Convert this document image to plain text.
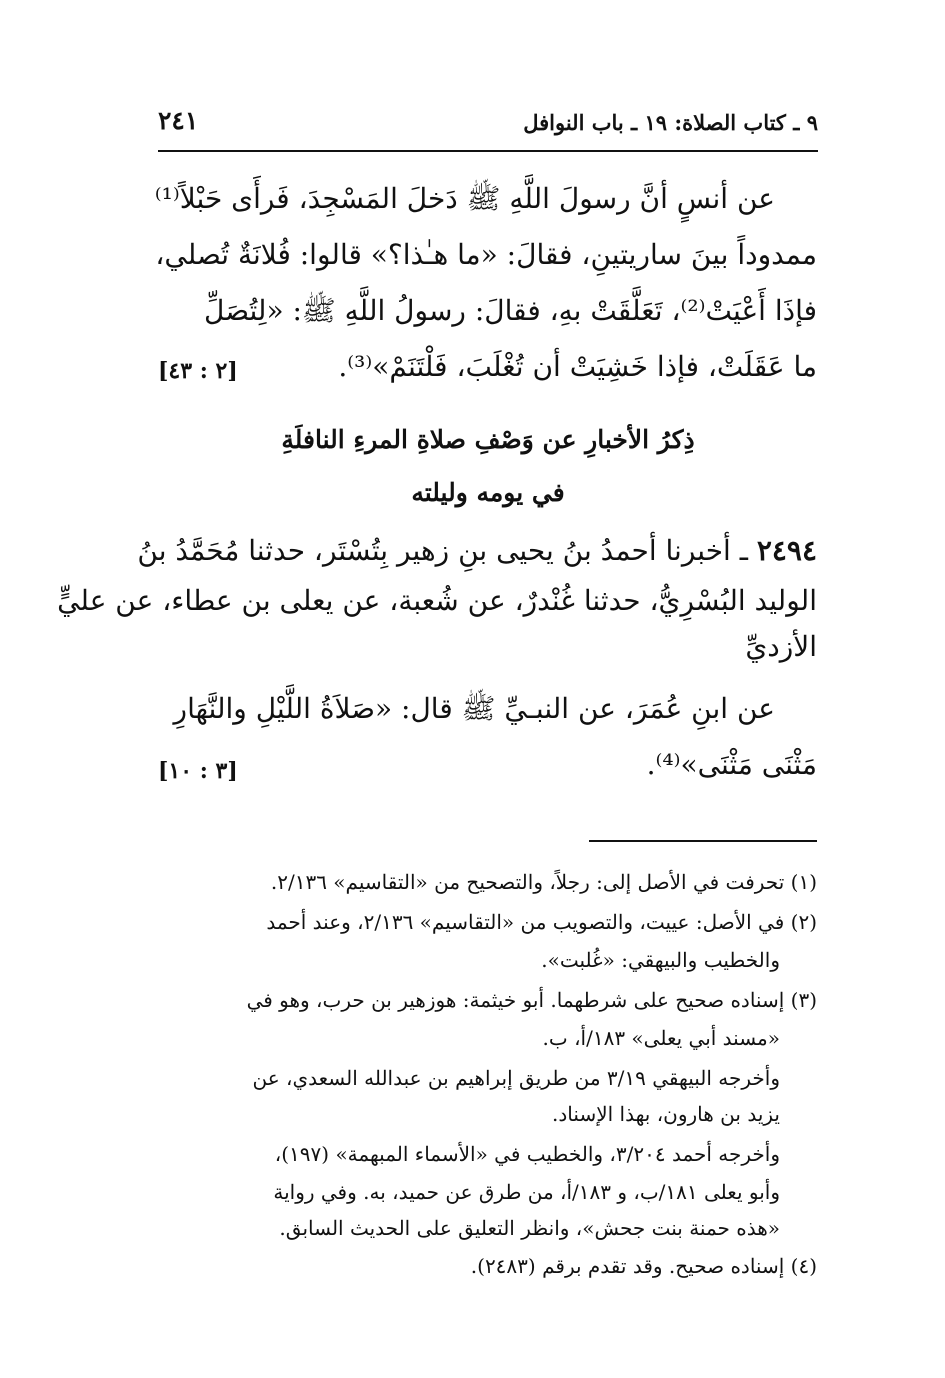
٩ ـ كتاب الصلاة: ١٩ ـ باب النوافل
٢٤١
عن أنسٍ أنَّ رسولَ اللَّهِ ﷺ دَخلَ المَسْجِدَ، فَرأَى حَبْلاً⁽¹⁾
ممدوداً بينَ ساريتينِ، فقالَ: «ما هـٰذا؟» قالوا: فُلانَةٌ تُصلي،
فإذَا أَعْيَتْ⁽²⁾، تَعَلَّقَتْ بهِ، فقالَ: رسولُ اللَّهِ ﷺ: «لِتُصَلِّ
ما عَقَلَتْ، فإذا خَشِيَتْ أن تُغْلَبَ، فَلْتَنَمْ»⁽³⁾.
[٢ : ٤٣]
ذِكرُ الأخبارِ عن وَصْفِ صلاةِ المرءِ النافلَةِ
في يومه وليلته
٢٤٩٤ ـ أخبرنا أحمدُ بنُ يحيى بنِ زهير بِتُسْتَر، حدثنا مُحَمَّدُ بنُ
الوليد البُسْرِيُّ، حدثنا غُنْدرٌ، عن شُعبة، عن يعلى بن عطاء، عن عليٍّ
الأزديِّ
عن ابنِ عُمَرَ، عن النبـيِّ ﷺ قال: «صَلاَةُ اللَّيْلِ والنَّهَارِ
مَثْنَى مَثْنَى»⁽⁴⁾.
[٣ : ١٠]
(١) تحرفت في الأصل إلى: رجلاً، والتصحيح من «التقاسيم» ٢/١٣٦.
(٢) في الأصل: عييت، والتصويب من «التقاسيم» ٢/١٣٦، وعند أحمد
والخطيب والبيهقي: «غُلبت».
(٣) إسناده صحيح على شرطهما. أبو خيثمة: هوزهير بن حرب، وهو في
«مسند أبي يعلى» ١٨٣/أ، ب.
وأخرجه البيهقي ٣/١٩ من طريق إبراهيم بن عبدالله السعدي، عن
يزيد بن هارون، بهذا الإسناد.
وأخرجه أحمد ٣/٢٠٤، والخطيب في «الأسماء المبهمة» (١٩٧)،
وأبو يعلى ١٨١/ب، و ١٨٣/أ، من طرق عن حميد، به. وفي رواية
«هذه حمنة بنت جحش»، وانظر التعليق على الحديث السابق.
(٤) إسناده صحيح. وقد تقدم برقم (٢٤٨٣).
